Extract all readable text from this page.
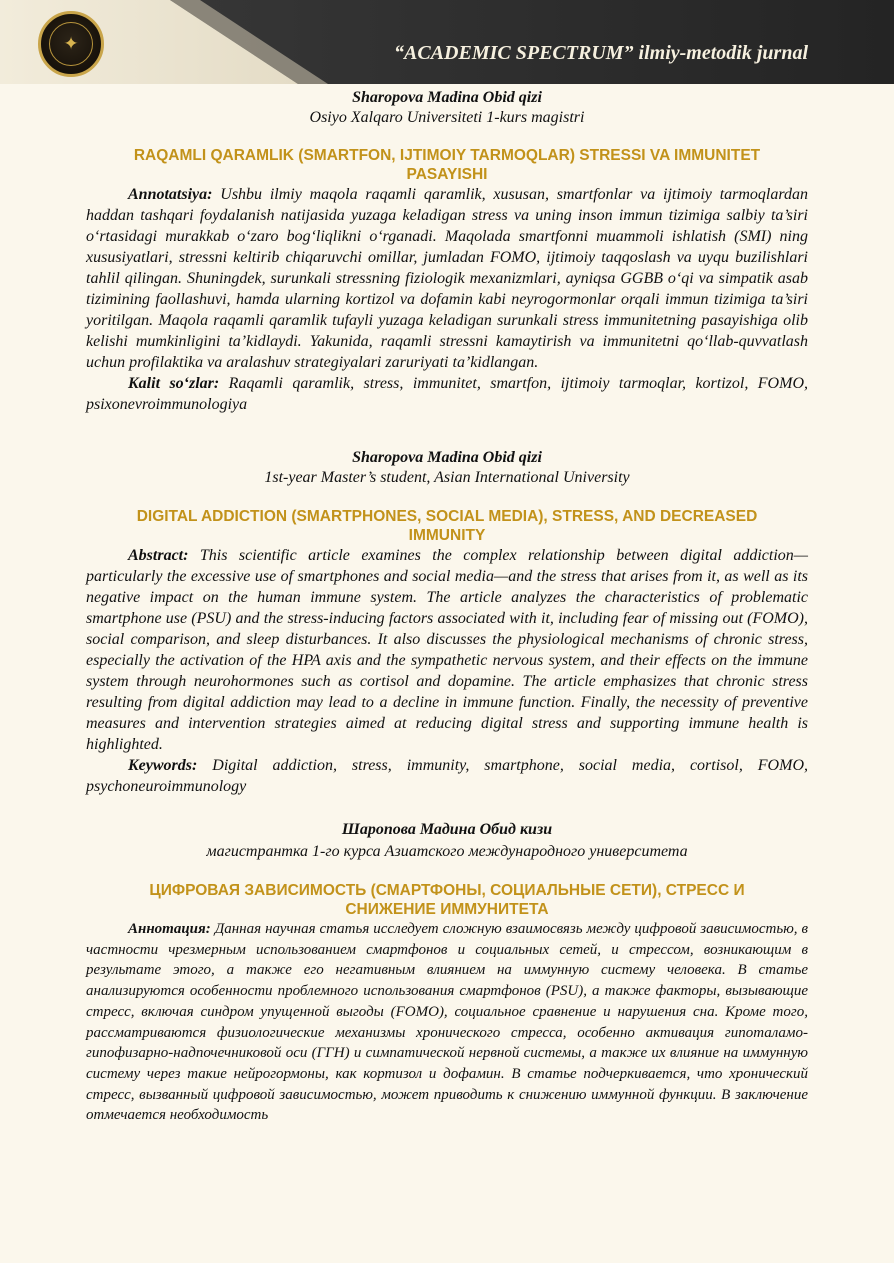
✦	“ACADEMIC SPECTRUM” ilmiy-metodik jurnal

Sharopova Madina Obid qizi

Osiyo Xalqaro Universiteti 1-kurs magistri

RAQAMLI QARAMLIK (SMARTFON, IJTIMOIY TARMOQLAR) STRESSI VA IMMUNITET PASAYISHI

Annotatsiya: Ushbu ilmiy maqola raqamli qaramlik, xususan, smartfonlar va ijtimoiy tarmoqlardan haddan tashqari foydalanish natijasida yuzaga keladigan stress va uning inson immun tizimiga salbiy ta’siri o‘rtasidagi murakkab o‘zaro bog‘liqlikni o‘rganadi. Maqolada smartfonni muammoli ishlatish (SMI) ning xususiyatlari, stressni keltirib chiqaruvchi omillar, jumladan FOMO, ijtimoiy taqqoslash va uyqu buzilishlari tahlil qilingan. Shuningdek, surunkali stressning fiziologik mexanizmlari, ayniqsa GGBB o‘qi va simpatik asab tizimining faollashuvi, hamda ularning kortizol va dofamin kabi neyrogormonlar orqali immun tizimiga ta’siri yoritilgan. Maqola raqamli qaramlik tufayli yuzaga keladigan surunkali stress immunitetning pasayishiga olib kelishi mumkinligini ta’kidlaydi. Yakunida, raqamli stressni kamaytirish va immunitetni qo‘llab-quvvatlash uchun profilaktika va aralashuv strategiyalari zaruriyati ta’kidlangan.

Kalit so‘zlar: Raqamli qaramlik, stress, immunitet, smartfon, ijtimoiy tarmoqlar, kortizol, FOMO, psixonevroimmunologiya

Sharopova Madina Obid qizi

1st-year Master’s student, Asian International University

DIGITAL ADDICTION (SMARTPHONES, SOCIAL MEDIA), STRESS, AND DECREASED IMMUNITY

Abstract: This scientific article examines the complex relationship between digital addiction—particularly the excessive use of smartphones and social media—and the stress that arises from it, as well as its negative impact on the human immune system. The article analyzes the characteristics of problematic smartphone use (PSU) and the stress-inducing factors associated with it, including fear of missing out (FOMO), social comparison, and sleep disturbances. It also discusses the physiological mechanisms of chronic stress, especially the activation of the HPA axis and the sympathetic nervous system, and their effects on the immune system through neurohormones such as cortisol and dopamine. The article emphasizes that chronic stress resulting from digital addiction may lead to a decline in immune function. Finally, the necessity of preventive measures and intervention strategies aimed at reducing digital stress and supporting immune health is highlighted.

Keywords: Digital addiction, stress, immunity, smartphone, social media, cortisol, FOMO, psychoneuroimmunology

Шаропова Мадина Обид кизи

магистрантка 1-го курса Азиатского международного университета

ЦИФРОВАЯ ЗАВИСИМОСТЬ (СМАРТФОНЫ, СОЦИАЛЬНЫЕ СЕТИ), СТРЕСС И СНИЖЕНИЕ ИММУНИТЕТА

Аннотация: Данная научная статья исследует сложную взаимосвязь между цифровой зависимостью, в частности чрезмерным использованием смартфонов и социальных сетей, и стрессом, возникающим в результате этого, а также его негативным влиянием на иммунную систему человека. В статье анализируются особенности проблемного использования смартфонов (PSU), а также факторы, вызывающие стресс, включая синдром упущенной выгоды (FOMO), социальное сравнение и нарушения сна. Кроме того, рассматриваются физиологические механизмы хронического стресса, особенно активация гипоталамо-гипофизарно-надпочечниковой оси (ГГН) и симпатической нервной системы, а также их влияние на иммунную систему через такие нейрогормоны, как кортизол и дофамин. В статье подчеркивается, что хронический стресс, вызванный цифровой зависимостью, может приводить к снижению иммунной функции. В заключение отмечается необходимость
